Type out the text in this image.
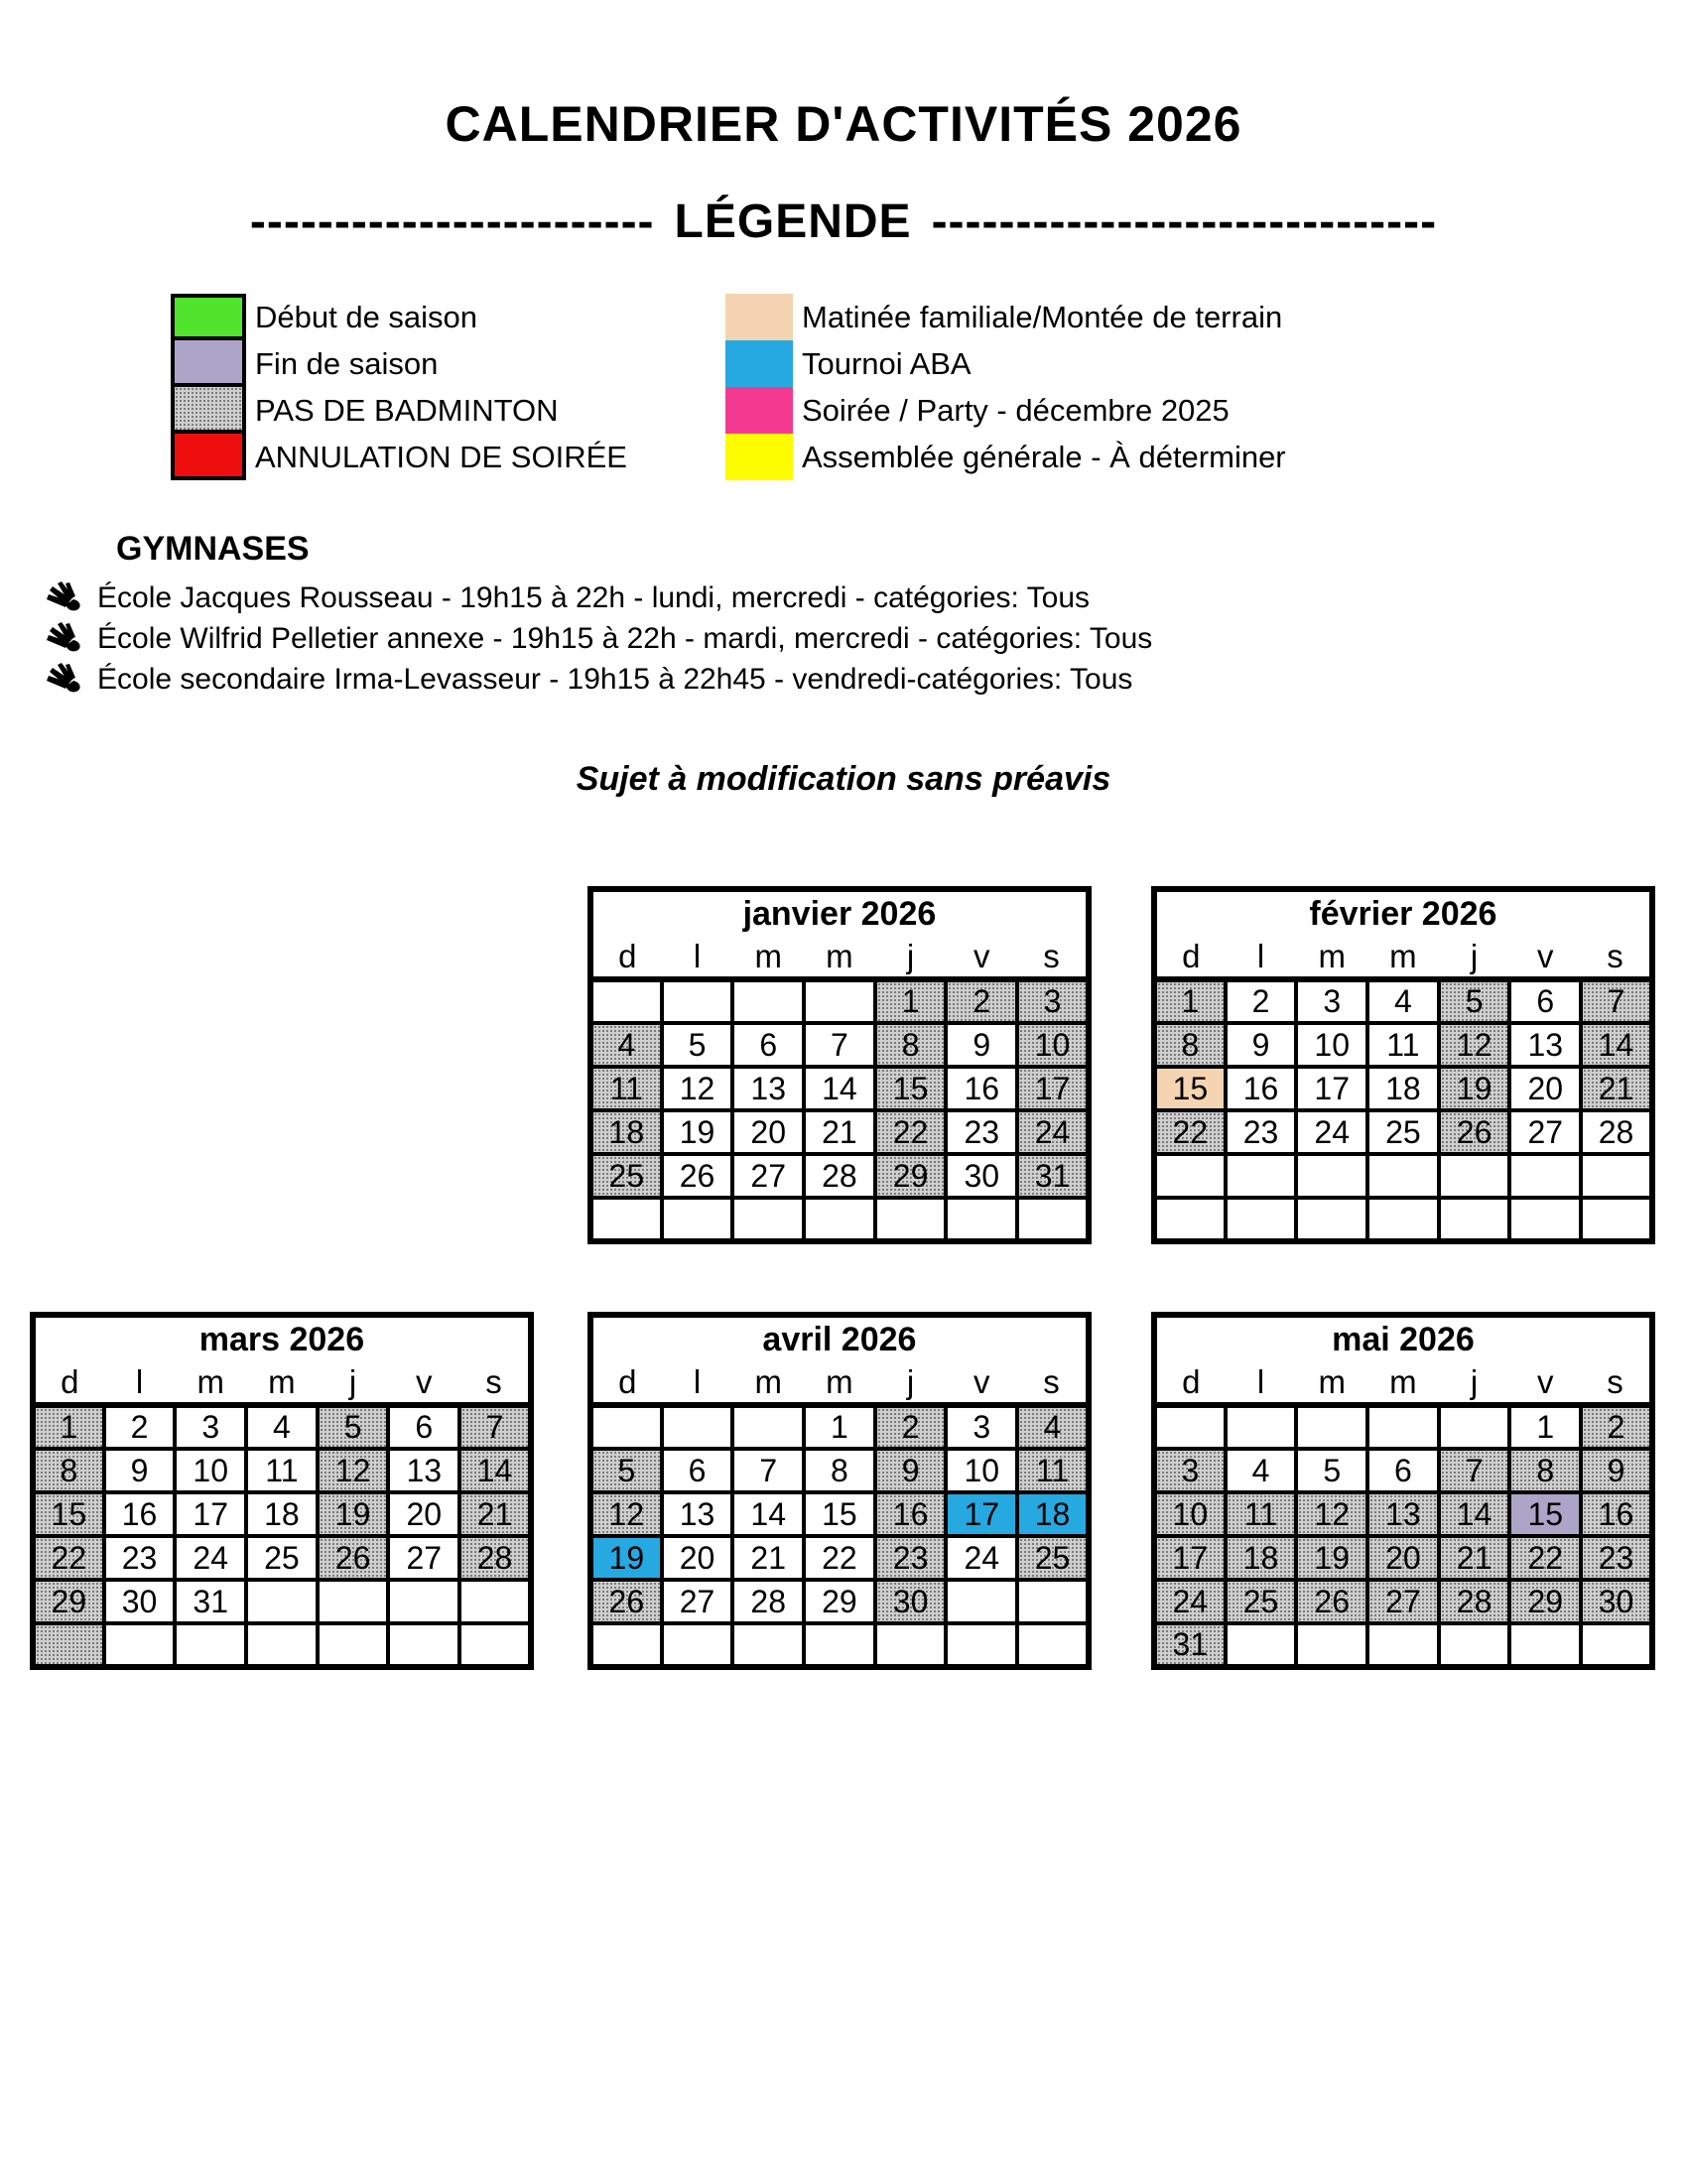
CALENDRIER D'ACTIVITÉS 2026
------------------------ LÉGENDE ------------------------------
Début de saison
Fin de saison
PAS DE BADMINTON
ANNULATION DE SOIRÉE
Matinée familiale/Montée de terrain
Tournoi ABA
Soirée / Party - décembre 2025
Assemblée générale - À déterminer
GYMNASES
École Jacques Rousseau - 19h15 à 22h - lundi, mercredi - catégories: Tous
École Wilfrid Pelletier annexe - 19h15 à 22h - mardi, mercredi - catégories: Tous
École secondaire Irma-Levasseur - 19h15 à 22h45 - vendredi-catégories: Tous
Sujet à modification sans préavis
janvier 2026						
d	l	m	m	j	v	s
				1	2	3
4	5	6	7	8	9	10
11	12	13	14	15	16	17
18	19	20	21	22	23	24
25	26	27	28	29	30	31

février 2026						
d	l	m	m	j	v	s
1	2	3	4	5	6	7
8	9	10	11	12	13	14
15	16	17	18	19	20	21
22	23	24	25	26	27	28

mars 2026						
d	l	m	m	j	v	s
1	2	3	4	5	6	7
8	9	10	11	12	13	14
15	16	17	18	19	20	21
22	23	24	25	26	27	28
29	30	31				

avril 2026						
d	l	m	m	j	v	s
			1	2	3	4
5	6	7	8	9	10	11
12	13	14	15	16	17	18
19	20	21	22	23	24	25
26	27	28	29	30		

mai 2026						
d	l	m	m	j	v	s
					1	2
3	4	5	6	7	8	9
10	11	12	13	14	15	16
17	18	19	20	21	22	23
24	25	26	27	28	29	30
31						
